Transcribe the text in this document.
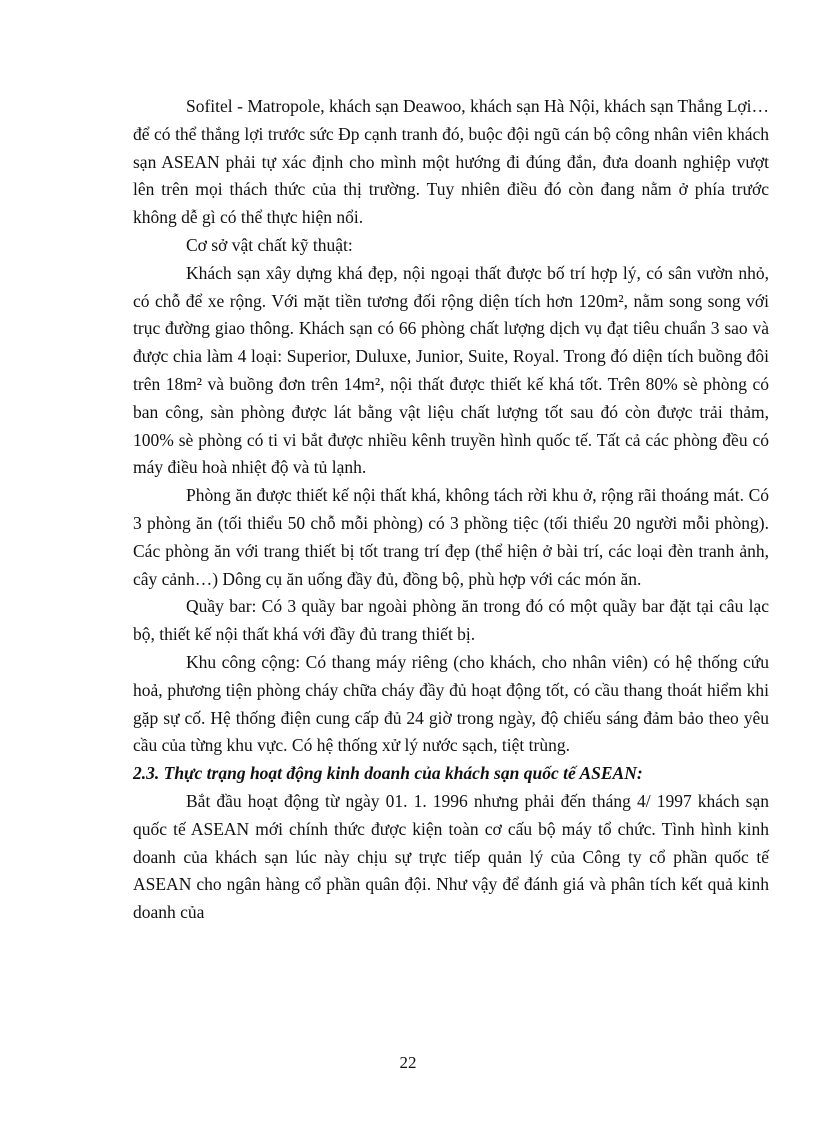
Sofitel - Matropole, khách sạn Deawoo, khách sạn Hà Nội, khách sạn Thắng Lợi… để có thể thắng lợi trước sức Đp cạnh tranh đó, buộc đội ngũ cán bộ công nhân viên khách sạn ASEAN phải tự xác định cho mình một hướng đi đúng đắn, đưa doanh nghiệp vượt lên trên mọi thách thức của thị trường. Tuy nhiên điều đó còn đang nằm ở phía trước không dễ gì có thể thực hiện nổi.

Cơ sở vật chất kỹ thuật:

Khách sạn xây dựng khá đẹp, nội ngoại thất được bố trí hợp lý, có sân vườn nhỏ, có chỗ để xe rộng. Với mặt tiền tương đối rộng diện tích hơn 120m², nằm song song với trục đường giao thông. Khách sạn có 66 phòng chất lượng dịch vụ đạt tiêu chuẩn 3 sao và được chia làm 4 loại: Superior, Duluxe, Junior, Suite, Royal. Trong đó diện tích buồng đôi trên 18m² và buồng đơn trên 14m², nội thất được thiết kế khá tốt. Trên 80% sè phòng có ban công, sàn phòng được lát bằng vật liệu chất lượng tốt sau đó còn được trải thảm, 100% sè phòng có ti vi bắt được nhiều kênh truyền hình quốc tế. Tất cả các phòng đều có máy điều hoà nhiệt độ và tủ lạnh.

Phòng ăn được thiết kế nội thất khá, không tách rời khu ở, rộng rãi thoáng mát. Có 3 phòng ăn (tối thiểu 50 chỗ mỗi phòng) có 3 phồng tiệc (tối thiểu 20 người mỗi phòng). Các phòng ăn với trang thiết bị tốt trang trí đẹp (thể hiện ở bài trí, các loại đèn tranh ảnh, cây cảnh…) Dông cụ ăn uống đầy đủ, đồng bộ, phù hợp với các món ăn.

Quầy bar: Có 3 quầy bar ngoài phòng ăn trong đó có một quầy bar đặt tại câu lạc bộ, thiết kế nội thất khá với đầy đủ trang thiết bị.

Khu công cộng: Có thang máy riêng (cho khách, cho nhân viên) có hệ thống cứu hoả, phương tiện phòng cháy chữa cháy đầy đủ hoạt động tốt, có cầu thang thoát hiểm khi gặp sự cố. Hệ thống điện cung cấp đủ 24 giờ trong ngày, độ chiếu sáng đảm bảo theo yêu cầu của từng khu vực. Có hệ thống xử lý nước sạch, tiệt trùng.

2.3. Thực trạng hoạt động kinh doanh của khách sạn quốc tế ASEAN:

Bắt đầu hoạt động từ ngày 01. 1. 1996 nhưng phải đến tháng 4/ 1997 khách sạn quốc tế ASEAN mới chính thức được kiện toàn cơ cấu bộ máy tổ chức. Tình hình kinh doanh của khách sạn lúc này chịu sự trực tiếp quản lý của Công ty cổ phần quốc tế ASEAN cho ngân hàng cổ phần quân đội. Như vậy để đánh giá và phân tích kết quả kinh doanh của

22
